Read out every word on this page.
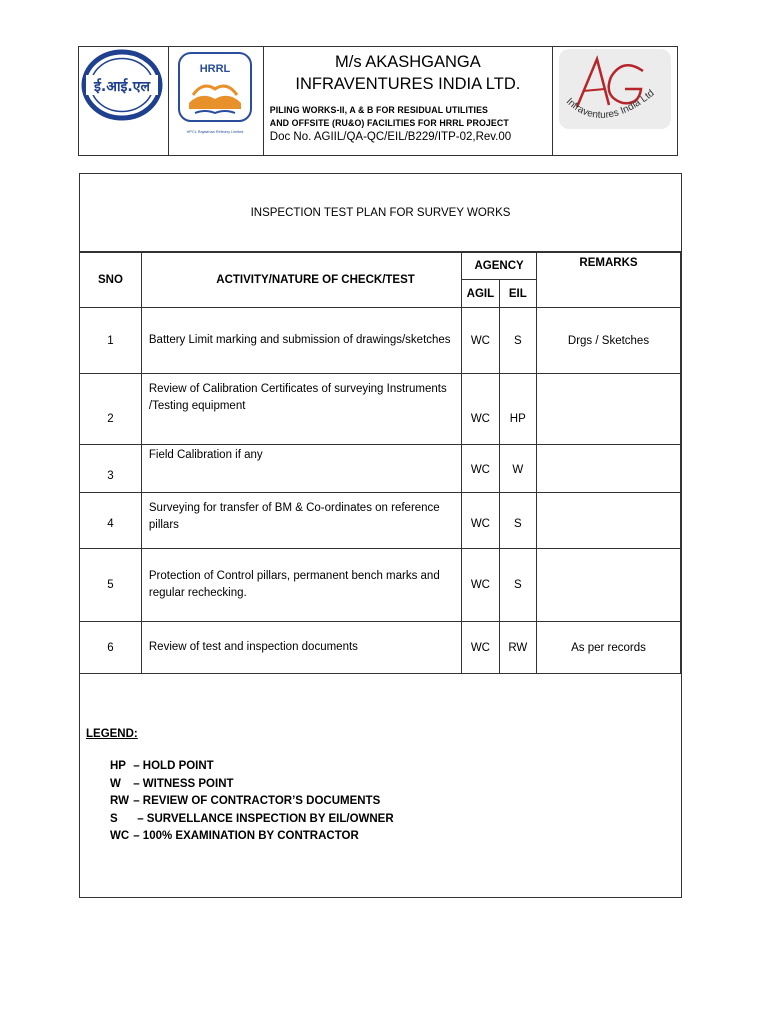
ई.आई.एल
HRRL
HPCL Rajasthan Refinery Limited
M/s AKASHGANGA
INFRAVENTURES INDIA LTD.
PILING WORKS-II, A & B FOR RESIDUAL UTILITIES
AND OFFSITE (RU&O) FACILITIES FOR HRRL PROJECT
Doc No. AGIIL/QA-QC/EIL/B229/ITP-02,Rev.00
Infraventures India Ltd
INSPECTION TEST PLAN FOR SURVEY WORKS
SNO	ACTIVITY/NATURE OF CHECK/TEST	AGENCY		REMARKS
		AGIL	EIL	
1	Battery Limit marking and submission of drawings/sketches	WC	S	Drgs / Sketches
2	Review of Calibration Certificates of surveying Instruments /Testing equipment	WC	HP	
3	Field Calibration if any	WC	W	
4	Surveying for transfer of BM & Co-ordinates on reference pillars	WC	S	
5	Protection of Control pillars, permanent bench marks and regular rechecking.	WC	S	
6	Review of test and inspection documents	WC	RW	As per records
LEGEND:
HP – HOLD POINT
W – WITNESS POINT
RW – REVIEW OF CONTRACTOR’S DOCUMENTS
S – SURVELLANCE INSPECTION BY EIL/OWNER
WC – 100% EXAMINATION BY CONTRACTOR
